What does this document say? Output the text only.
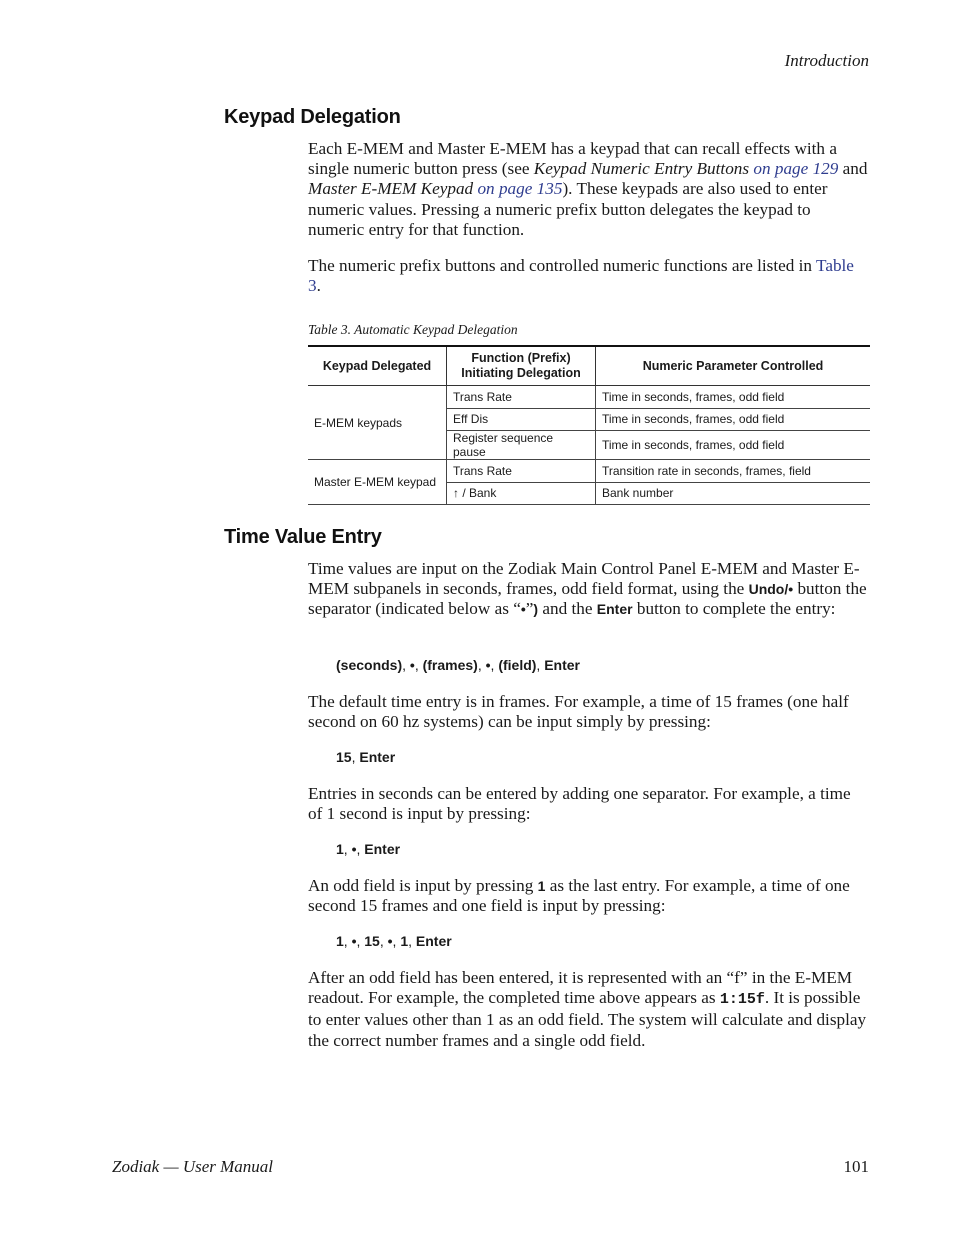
Introduction
Keypad Delegation

Each E-MEM and Master E-MEM has a keypad that can recall effects with a single numeric button press (see Keypad Numeric Entry Buttons on page 129 and Master E-MEM Keypad on page 135). These keypads are also used to enter numeric values. Pressing a numeric prefix button delegates the keypad to numeric entry for that function.

The numeric prefix buttons and controlled numeric functions are listed in Table 3.

Table 3. Automatic Keypad Delegation
Keypad Delegated	Function (Prefix) Initiating Delegation	Numeric Parameter Controlled
E-MEM keypads	Trans Rate	Time in seconds, frames, odd field
	Eff Dis	Time in seconds, frames, odd field
	Register sequence pause	Time in seconds, frames, odd field
Master E-MEM keypad	Trans Rate	Transition rate in seconds, frames, field
	↑ / Bank	Bank number
Time Value Entry

Time values are input on the Zodiak Main Control Panel E-MEM and Master E-MEM subpanels in seconds, frames, odd field format, using the Undo/• button the separator (indicated below as “•”) and the Enter button to complete the entry:

(seconds), •, (frames), •, (field), Enter
The default time entry is in frames. For example, a time of 15 frames (one half second on 60 hz systems) can be input simply by pressing:
15, Enter
Entries in seconds can be entered by adding one separator. For example, a time of 1 second is input by pressing:
1, •, Enter

An odd field is input by pressing 1 as the last entry. For example, a time of one second 15 frames and one field is input by pressing:

1, •, 15, •, 1, Enter

After an odd field has been entered, it is represented with an “f” in the E-MEM readout. For example, the completed time above appears as 1:15f. It is possible to enter values other than 1 as an odd field. The system will calculate and display the correct number frames and a single odd field.

Zodiak — User Manual	101
